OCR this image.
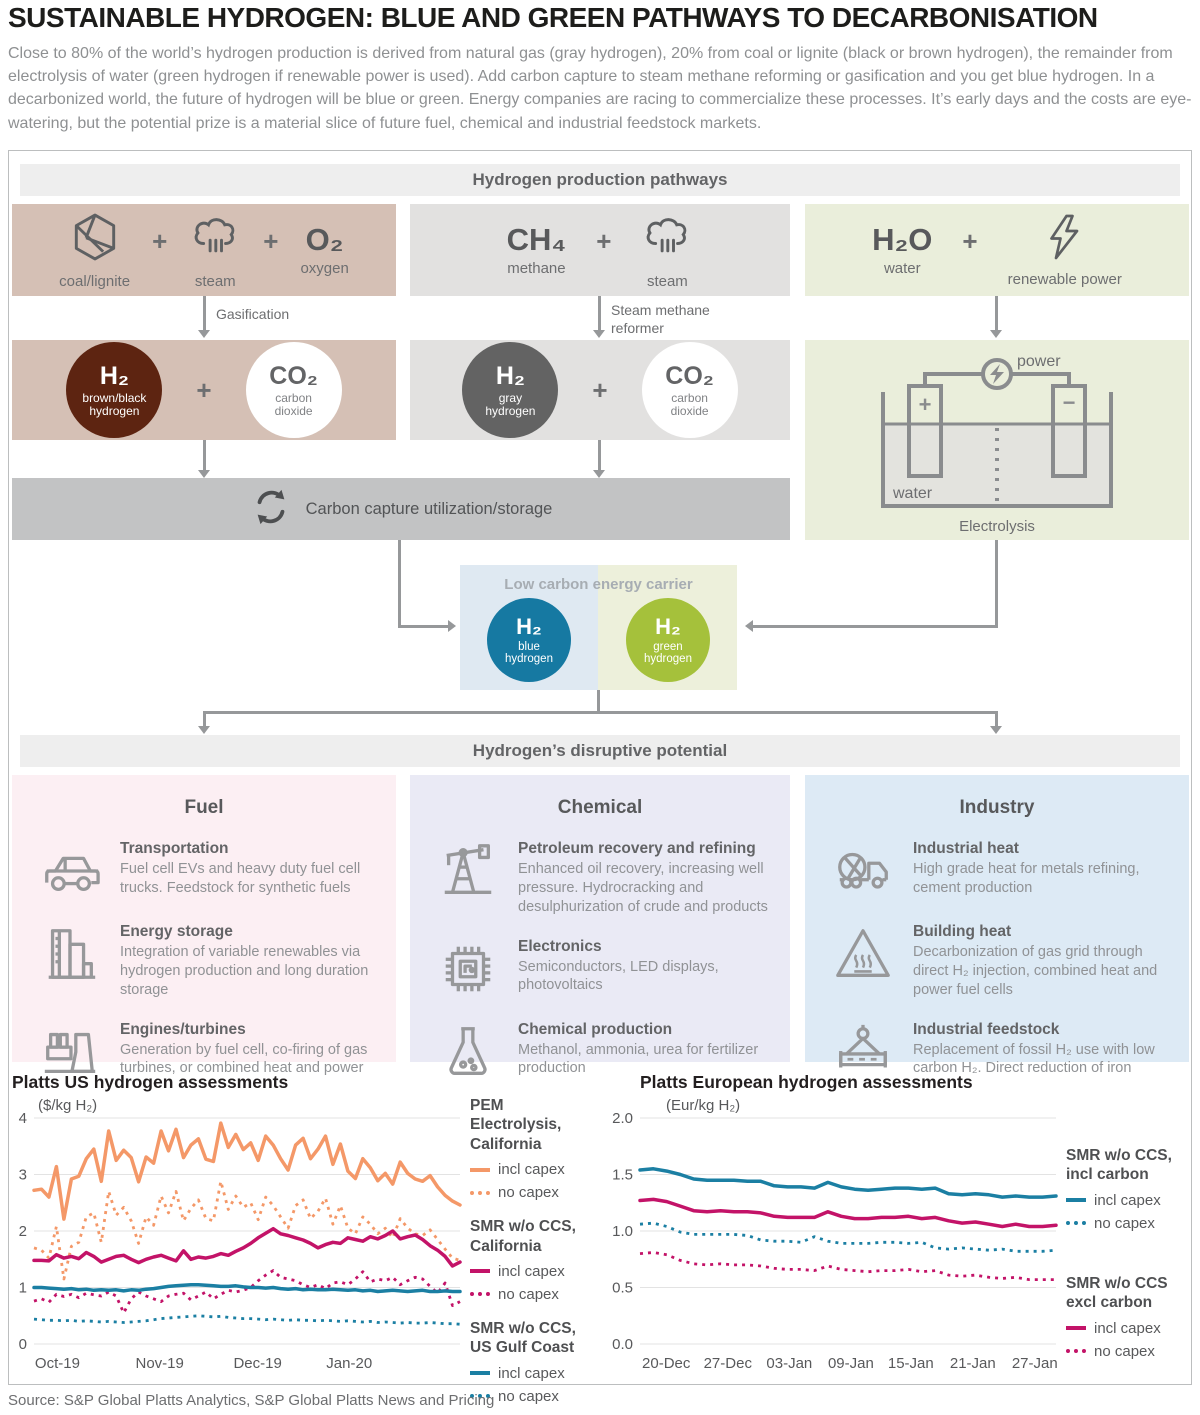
SUSTAINABLE HYDROGEN: BLUE AND GREEN PATHWAYS TO DECARBONISATION

Close to 80% of the world’s hydrogen production is derived from natural gas (gray hydrogen), 20% from coal or lignite (black or brown hydrogen), the remainder from electrolysis of water (green hydrogen if renewable power is used). Add carbon capture to steam methane reforming or gasification and you get blue hydrogen. In a decarbonized world, the future of hydrogen will be blue or green. Energy companies are racing to commercialize these processes. It’s early days and the costs are eye-watering, but the potential prize is a material slice of future fuel, chemical and industrial feedstock markets.

Hydrogen production pathways
coal/lignite
+
steam
+ O₂
oxygen
CH₄
methane
+
steam
H₂O
water
+
renewable power
Gasification	Steam methane reformer
H₂
brown/black hydrogen
+ CO₂
carbon dioxide
H₂
gray hydrogen
+ CO₂
carbon dioxide	+	−
power
water
Electrolysis
Carbon capture utilization/storage
Low carbon energy carrier
H₂
blue hydrogen
H₂
green hydrogen
Hydrogen’s disruptive potential
Fuel
Transportation
Fuel cell EVs and heavy duty fuel cell trucks. Feedstock for synthetic fuels
Energy storage
Integration of variable renewables via hydrogen production and long duration storage
Engines/turbines
Generation by fuel cell, co-firing of gas turbines, or combined heat and power
Chemical
Petroleum recovery and refining
Enhanced oil recovery, increasing well pressure. Hydrocracking and desulphurization of crude and products
Electronics
Semiconductors, LED displays, photovoltaics
Chemical production
Methanol, ammonia, urea for fertilizer production
Industry
Industrial heat
High grade heat for metals refining, cement production
Building heat
Decarbonization of gas grid through direct H₂ injection, combined heat and power fuel cells
Industrial feedstock
Replacement of fossil H₂ use with low carbon H₂. Direct reduction of iron
Platts US hydrogen assessments
($/kg H₂)
0
1
2
3
4
Oct-19	Nov-19	Dec-19	Jan-20
PEM Electrolysis, California
incl capex
no capex
SMR w/o CCS, California
incl capex
no capex
SMR w/o CCS, US Gulf Coast
incl capex
no capex
Platts European hydrogen assessments
(Eur/kg H₂)
0.0
0.5
1.0
1.5
2.0
20-Dec 27-Dec 03-Jan 09-Jan 15-Jan 21-Jan 27-Jan
SMR w/o CCS, incl carbon
incl capex
no capex
SMR w/o CCS excl carbon
incl capex
no capex

Source: S&P Global Platts Analytics, S&P Global Platts News and Pricing
